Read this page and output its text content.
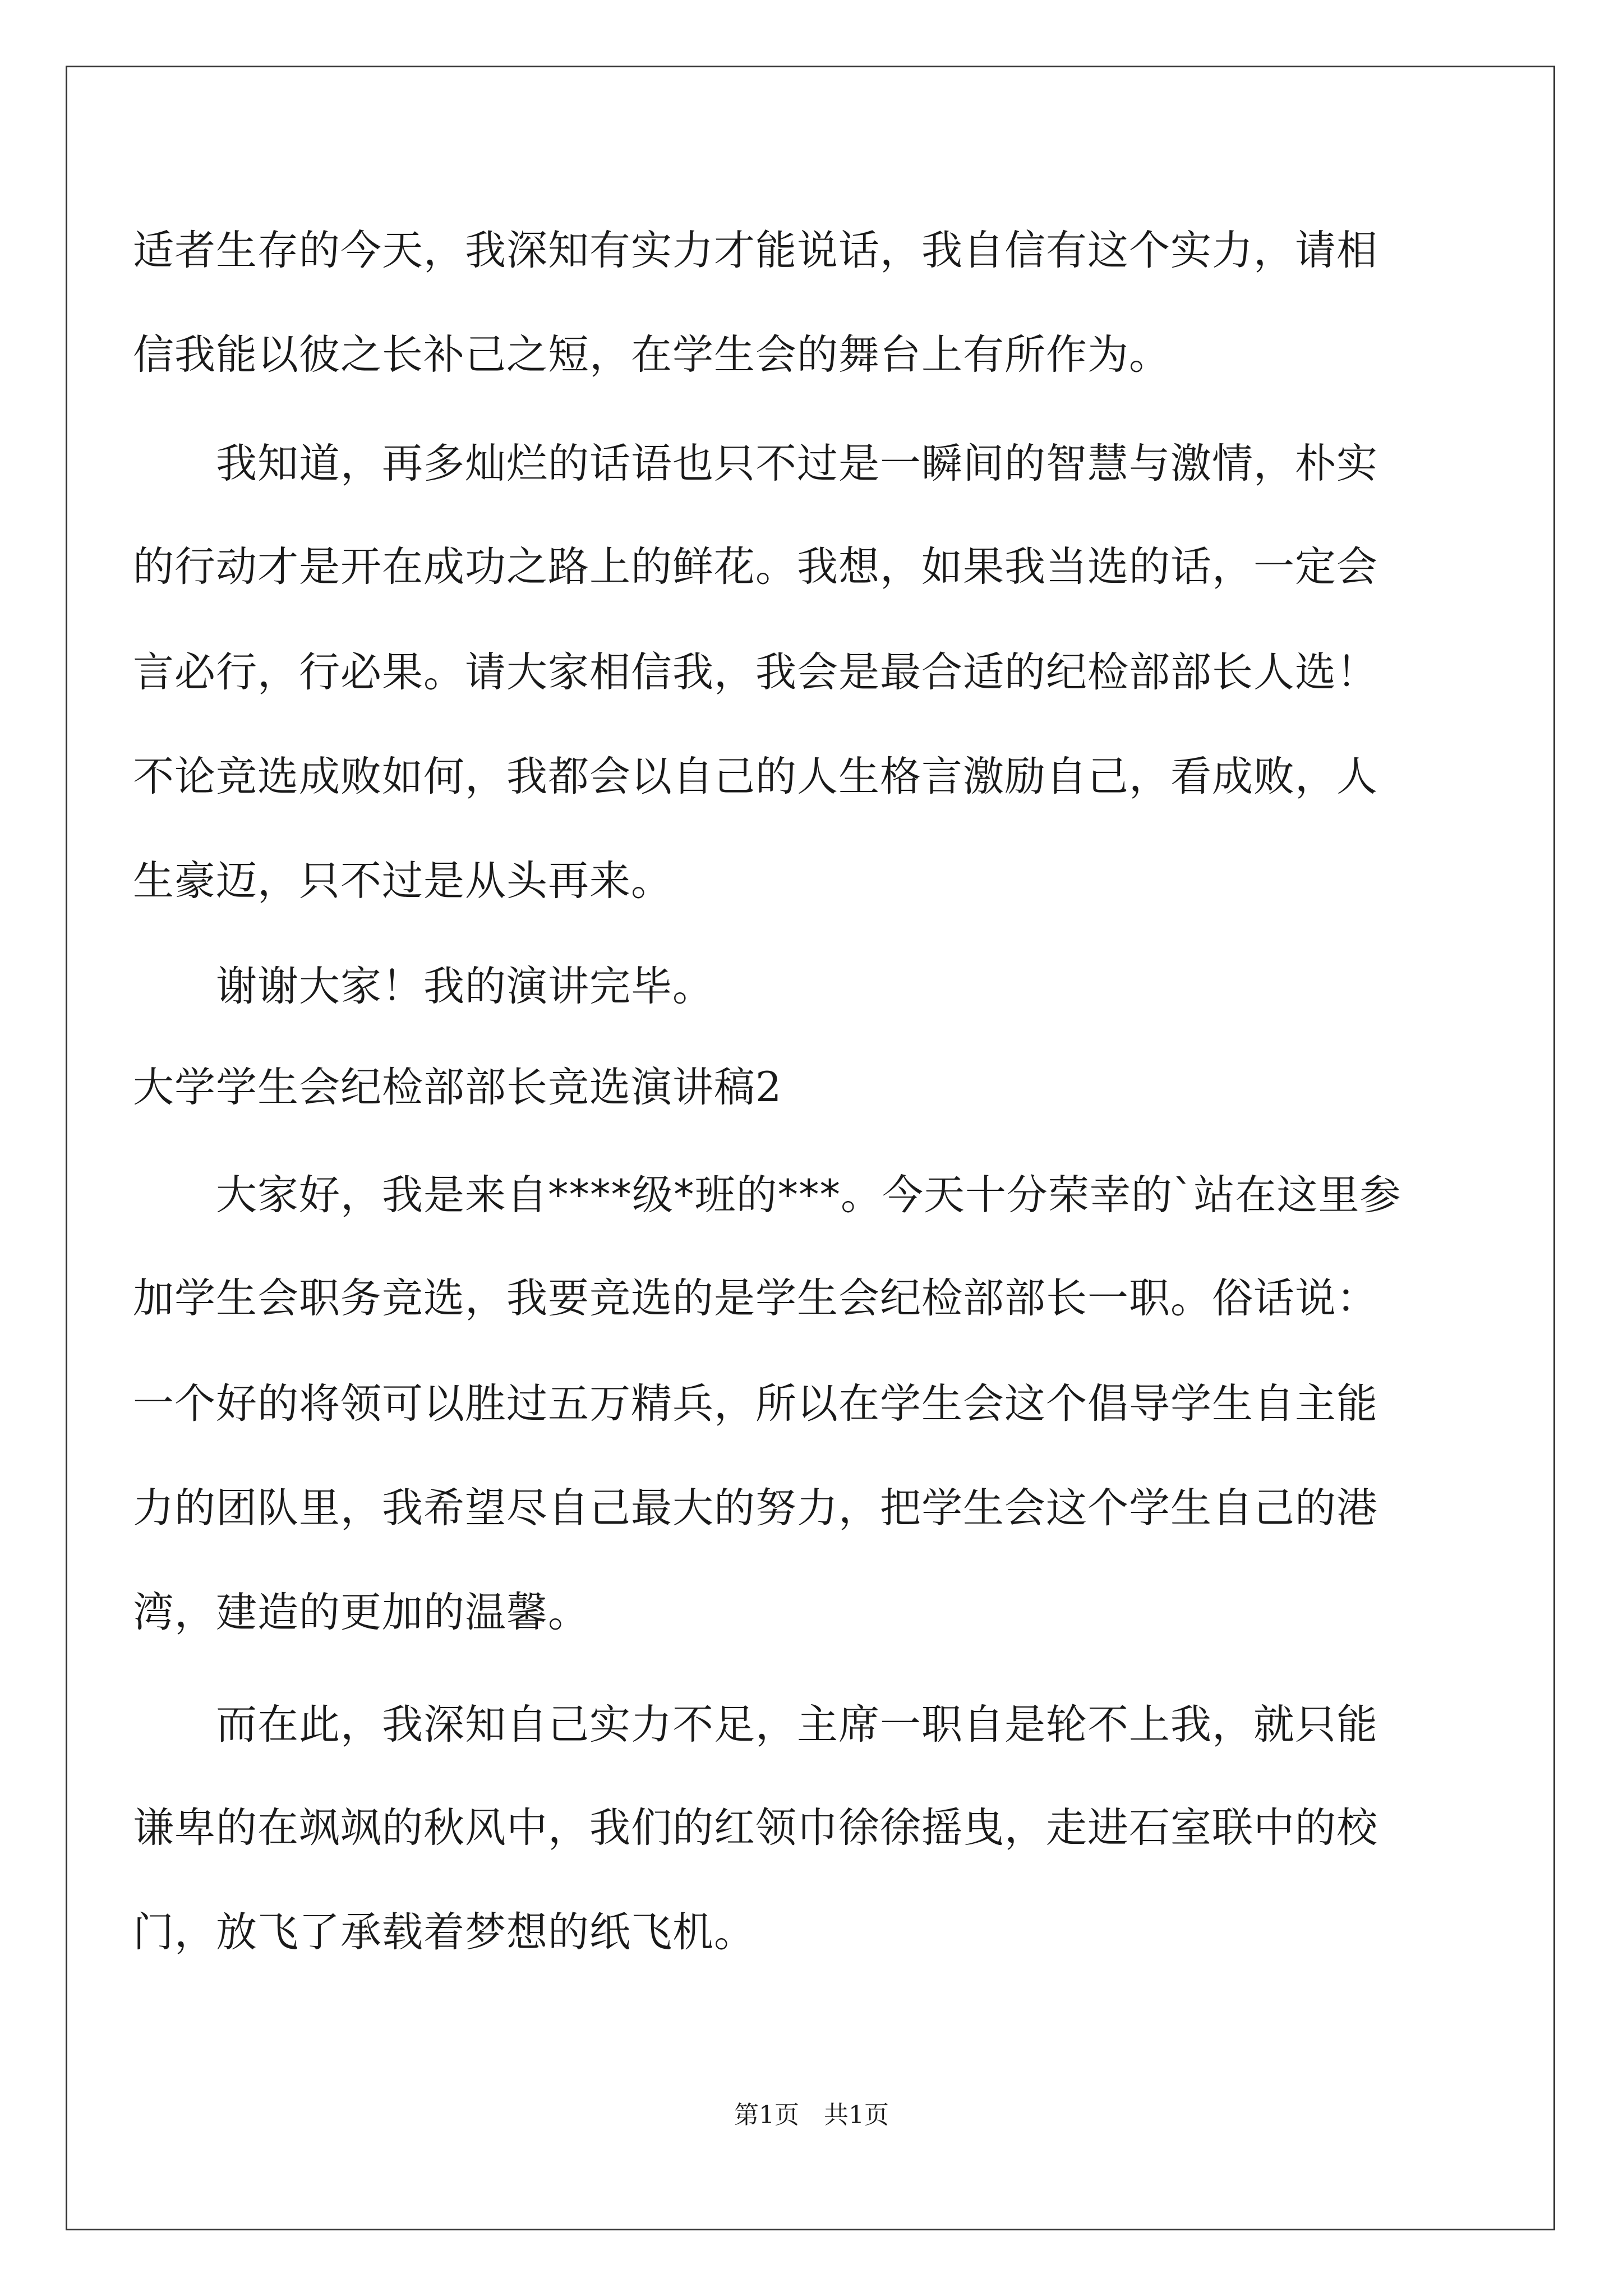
适者生存的今天，我深知有实力才能说话，我自信有这个实力，请相
信我能以彼之长补己之短，在学生会的舞台上有所作为。
我知道，再多灿烂的话语也只不过是一瞬间的智慧与激情，朴实
的行动才是开在成功之路上的鲜花。我想，如果我当选的话，一定会
言必行，行必果。请大家相信我，我会是最合适的纪检部部长人选！
不论竞选成败如何，我都会以自己的人生格言激励自己，看成败，人
生豪迈，只不过是从头再来。
谢谢大家！我的演讲完毕。
大学学生会纪检部部长竞选演讲稿2
大家好，我是来自****级*班的***。今天十分荣幸的`站在这里参
加学生会职务竞选，我要竞选的是学生会纪检部部长一职。俗话说：
一个好的将领可以胜过五万精兵，所以在学生会这个倡导学生自主能
力的团队里，我希望尽自己最大的努力，把学生会这个学生自己的港
湾，建造的更加的温馨。
而在此，我深知自己实力不足，主席一职自是轮不上我，就只能
谦卑的在飒飒的秋风中，我们的红领巾徐徐摇曳，走进石室联中的校
门，放飞了承载着梦想的纸飞机。
第1页　共1页
